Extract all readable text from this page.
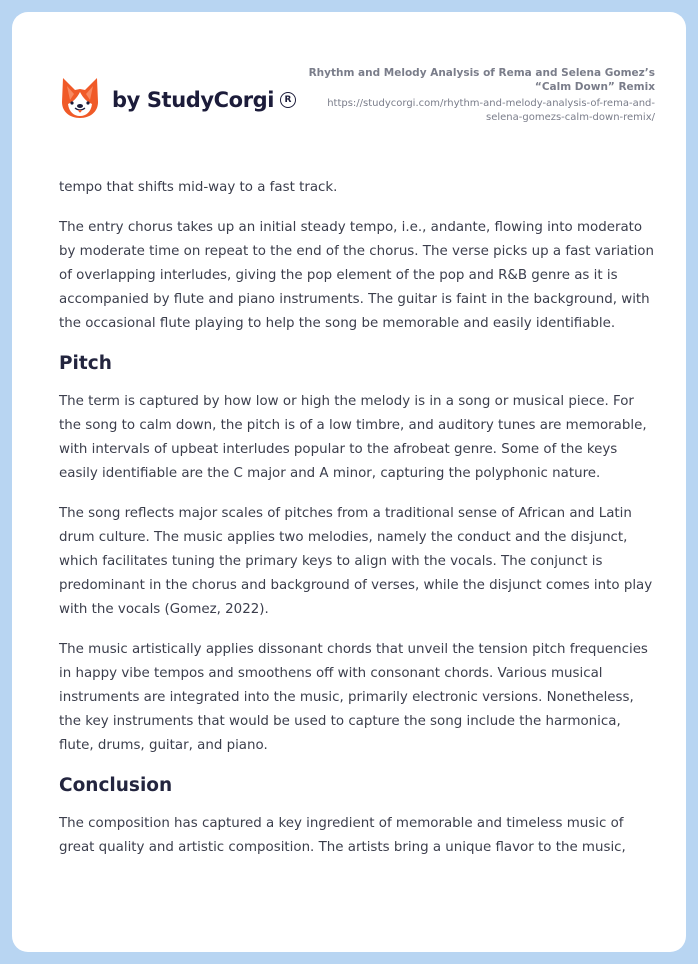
by StudyCorgi	R
Rhythm and Melody Analysis of Rema and Selena Gomez’s “Calm Down” Remix
https://studycorgi.com/rhythm-and-melody-analysis-of-rema-and-selena-gomezs-calm-down-remix/

tempo that shifts mid-way to a fast track.

The entry chorus takes up an initial steady tempo, i.e., andante, flowing into moderato by moderate time on repeat to the end of the chorus. The verse picks up a fast variation of overlapping interludes, giving the pop element of the pop and R&B genre as it is accompanied by flute and piano instruments. The guitar is faint in the background, with the occasional flute playing to help the song be memorable and easily identifiable.

Pitch

The term is captured by how low or high the melody is in a song or musical piece. For the song to calm down, the pitch is of a low timbre, and auditory tunes are memorable, with intervals of upbeat interludes popular to the afrobeat genre. Some of the keys easily identifiable are the C major and A minor, capturing the polyphonic nature.

The song reflects major scales of pitches from a traditional sense of African and Latin drum culture. The music applies two melodies, namely the conduct and the disjunct, which facilitates tuning the primary keys to align with the vocals. The conjunct is predominant in the chorus and background of verses, while the disjunct comes into play with the vocals (Gomez, 2022).

The music artistically applies dissonant chords that unveil the tension pitch frequencies in happy vibe tempos and smoothens off with consonant chords. Various musical instruments are integrated into the music, primarily electronic versions. Nonetheless, the key instruments that would be used to capture the song include the harmonica, flute, drums, guitar, and piano.

Conclusion

The composition has captured a key ingredient of memorable and timeless music of great quality and artistic composition. The artists bring a unique flavor to the music,
